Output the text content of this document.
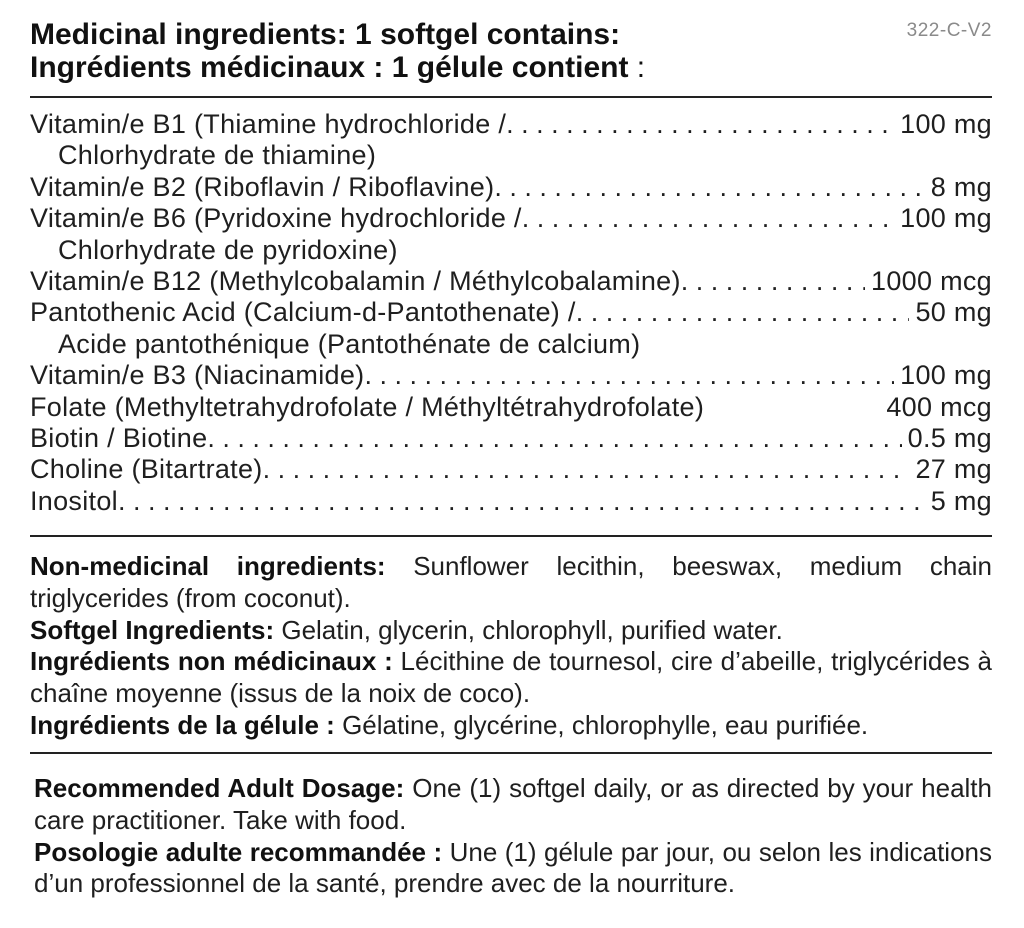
322-C-V2
Medicinal ingredients: 1 softgel contains:
Ingrédients médicinaux : 1 gélule contient :
Vitamin/e B1 (Thiamine hydrochloride / . . .	100 mg
Chlorhydrate de thiamine)
Vitamin/e B2 (Riboflavin / Riboflavine) . . .	8 mg
Vitamin/e B6 (Pyridoxine hydrochloride / . . .	100 mg
Chlorhydrate de pyridoxine)
Vitamin/e B12 (Methylcobalamin / Méthylcobalamine) . . .	1000 mcg
Pantothenic Acid (Calcium-d-Pantothenate) / . . .	50 mg
Acide pantothénique (Pantothénate de calcium)
Vitamin/e B3 (Niacinamide) . . .	100 mg
Folate (Methyltetrahydrofolate / Méthyltétrahydrofolate)	400 mcg
Biotin / Biotine . . .	0.5 mg
Choline (Bitartrate) . . .	27 mg
Inositol . . .	5 mg

Non-medicinal ingredients: Sunflower lecithin, beeswax, medium chain triglycerides (from coconut).

Softgel Ingredients: Gelatin, glycerin, chlorophyll, purified water.

Ingrédients non médicinaux : Lécithine de tournesol, cire d’abeille, triglycérides à chaîne moyenne (issus de la noix de coco).

Ingrédients de la gélule : Gélatine, glycérine, chlorophylle, eau purifiée.

Recommended Adult Dosage: One (1) softgel daily, or as directed by your health care practitioner. Take with food.

Posologie adulte recommandée : Une (1) gélule par jour, ou selon les indications d’un professionnel de la santé, prendre avec de la nourriture.
